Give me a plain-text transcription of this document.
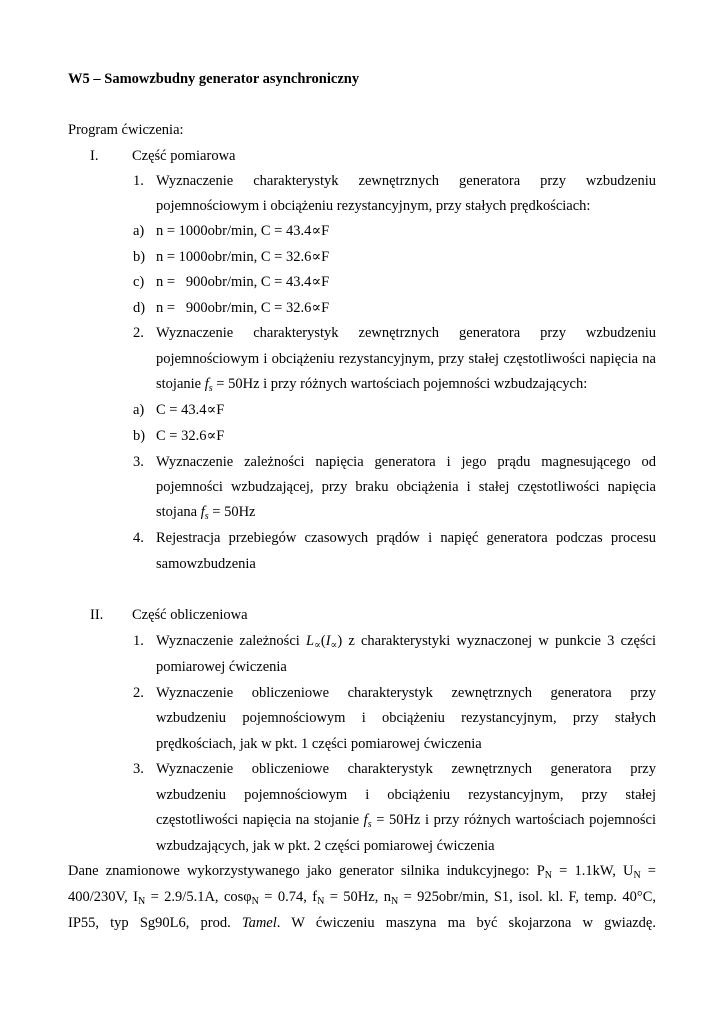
W5 – Samowzbudny generator asynchroniczny
Program ćwiczenia:
I. Część pomiarowa
1. Wyznaczenie charakterystyk zewnętrznych generatora przy wzbudzeniu
pojemnościowym i obciążeniu rezystancyjnym, przy stałych prędkościach:
a) n = 1000obr/min, C = 43.4∝F
b) n = 1000obr/min, C = 32.6∝F
c) n =   900obr/min, C = 43.4∝F
d) n =   900obr/min, C = 32.6∝F
2. Wyznaczenie charakterystyk zewnętrznych generatora przy wzbudzeniu
pojemnościowym i obciążeniu rezystancyjnym, przy stałej częstotliwości napięcia na
stojanie $f_s = 50Hz$ i przy różnych wartościach pojemności wzbudzających:
a) C = 43.4∝F
b) C = 32.6∝F
3. Wyznaczenie zależności napięcia generatora i jego prądu magnesującego od
pojemności wzbudzającej, przy braku obciążenia i stałej częstotliwości napięcia
stojana $f_s = 50Hz$
4. Rejestracja przebiegów czasowych prądów i napięć generatora podczas procesu
samowzbudzenia
II. Część obliczeniowa
1. Wyznaczenie zależności $L_\propto(I_\propto)$ z charakterystyki wyznaczonej w punkcie 3 części
pomiarowej ćwiczenia
2. Wyznaczenie obliczeniowe charakterystyk zewnętrznych generatora przy
wzbudzeniu pojemnościowym i obciążeniu rezystancyjnym, przy stałych
prędkościach, jak w pkt. 1 części pomiarowej ćwiczenia
3. Wyznaczenie obliczeniowe charakterystyk zewnętrznych generatora przy
wzbudzeniu pojemnościowym i obciążeniu rezystancyjnym, przy stałej
częstotliwości napięcia na stojanie $f_s = 50Hz$ i przy różnych wartościach pojemności
wzbudzających, jak w pkt. 2 części pomiarowej ćwiczenia
Dane znamionowe wykorzystywanego jako generator silnika indukcyjnego: $P_N = 1.1kW$, $U_N$ =
400/230V, $I_N = 2.9/5.1A$, cosφ$_N$ = 0.74, $f_N = 50Hz$, $n_N = 925obr/\min$, S1, isol. kl. F, temp. 40°C,
IP55, typ Sg90L6, prod. Tamel. W ćwiczeniu maszyna ma być skojarzona w gwiazdę.
